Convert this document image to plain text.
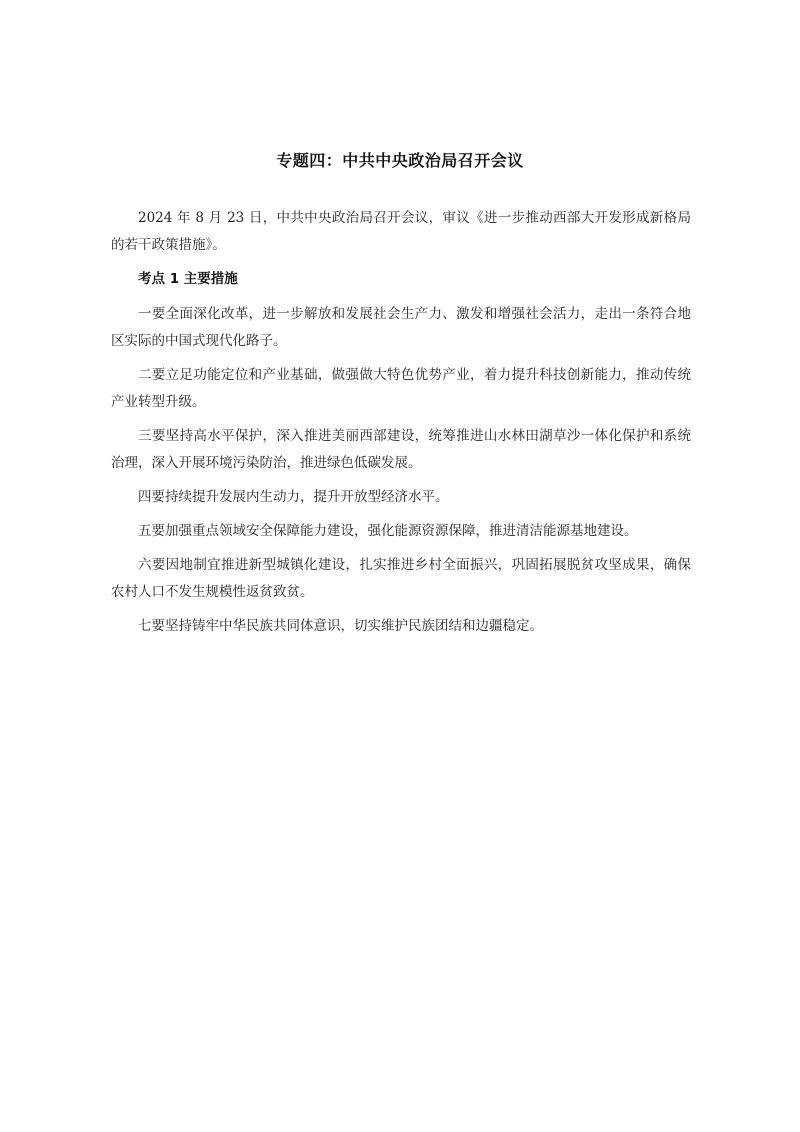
专题四：中共中央政治局召开会议

2024 年 8 月 23 日，中共中央政治局召开会议，审议《进一步推动西部大开发形成新格局的若干政策措施》。

考点 1 主要措施

一要全面深化改革，进一步解放和发展社会生产力、激发和增强社会活力，走出一条符合地区实际的中国式现代化路子。

二要立足功能定位和产业基础，做强做大特色优势产业，着力提升科技创新能力，推动传统产业转型升级。

三要坚持高水平保护，深入推进美丽西部建设，统筹推进山水林田湖草沙一体化保护和系统治理，深入开展环境污染防治，推进绿色低碳发展。

四要持续提升发展内生动力，提升开放型经济水平。

五要加强重点领域安全保障能力建设，强化能源资源保障，推进清洁能源基地建设。

六要因地制宜推进新型城镇化建设，扎实推进乡村全面振兴，巩固拓展脱贫攻坚成果，确保农村人口不发生规模性返贫致贫。

七要坚持铸牢中华民族共同体意识，切实维护民族团结和边疆稳定。
